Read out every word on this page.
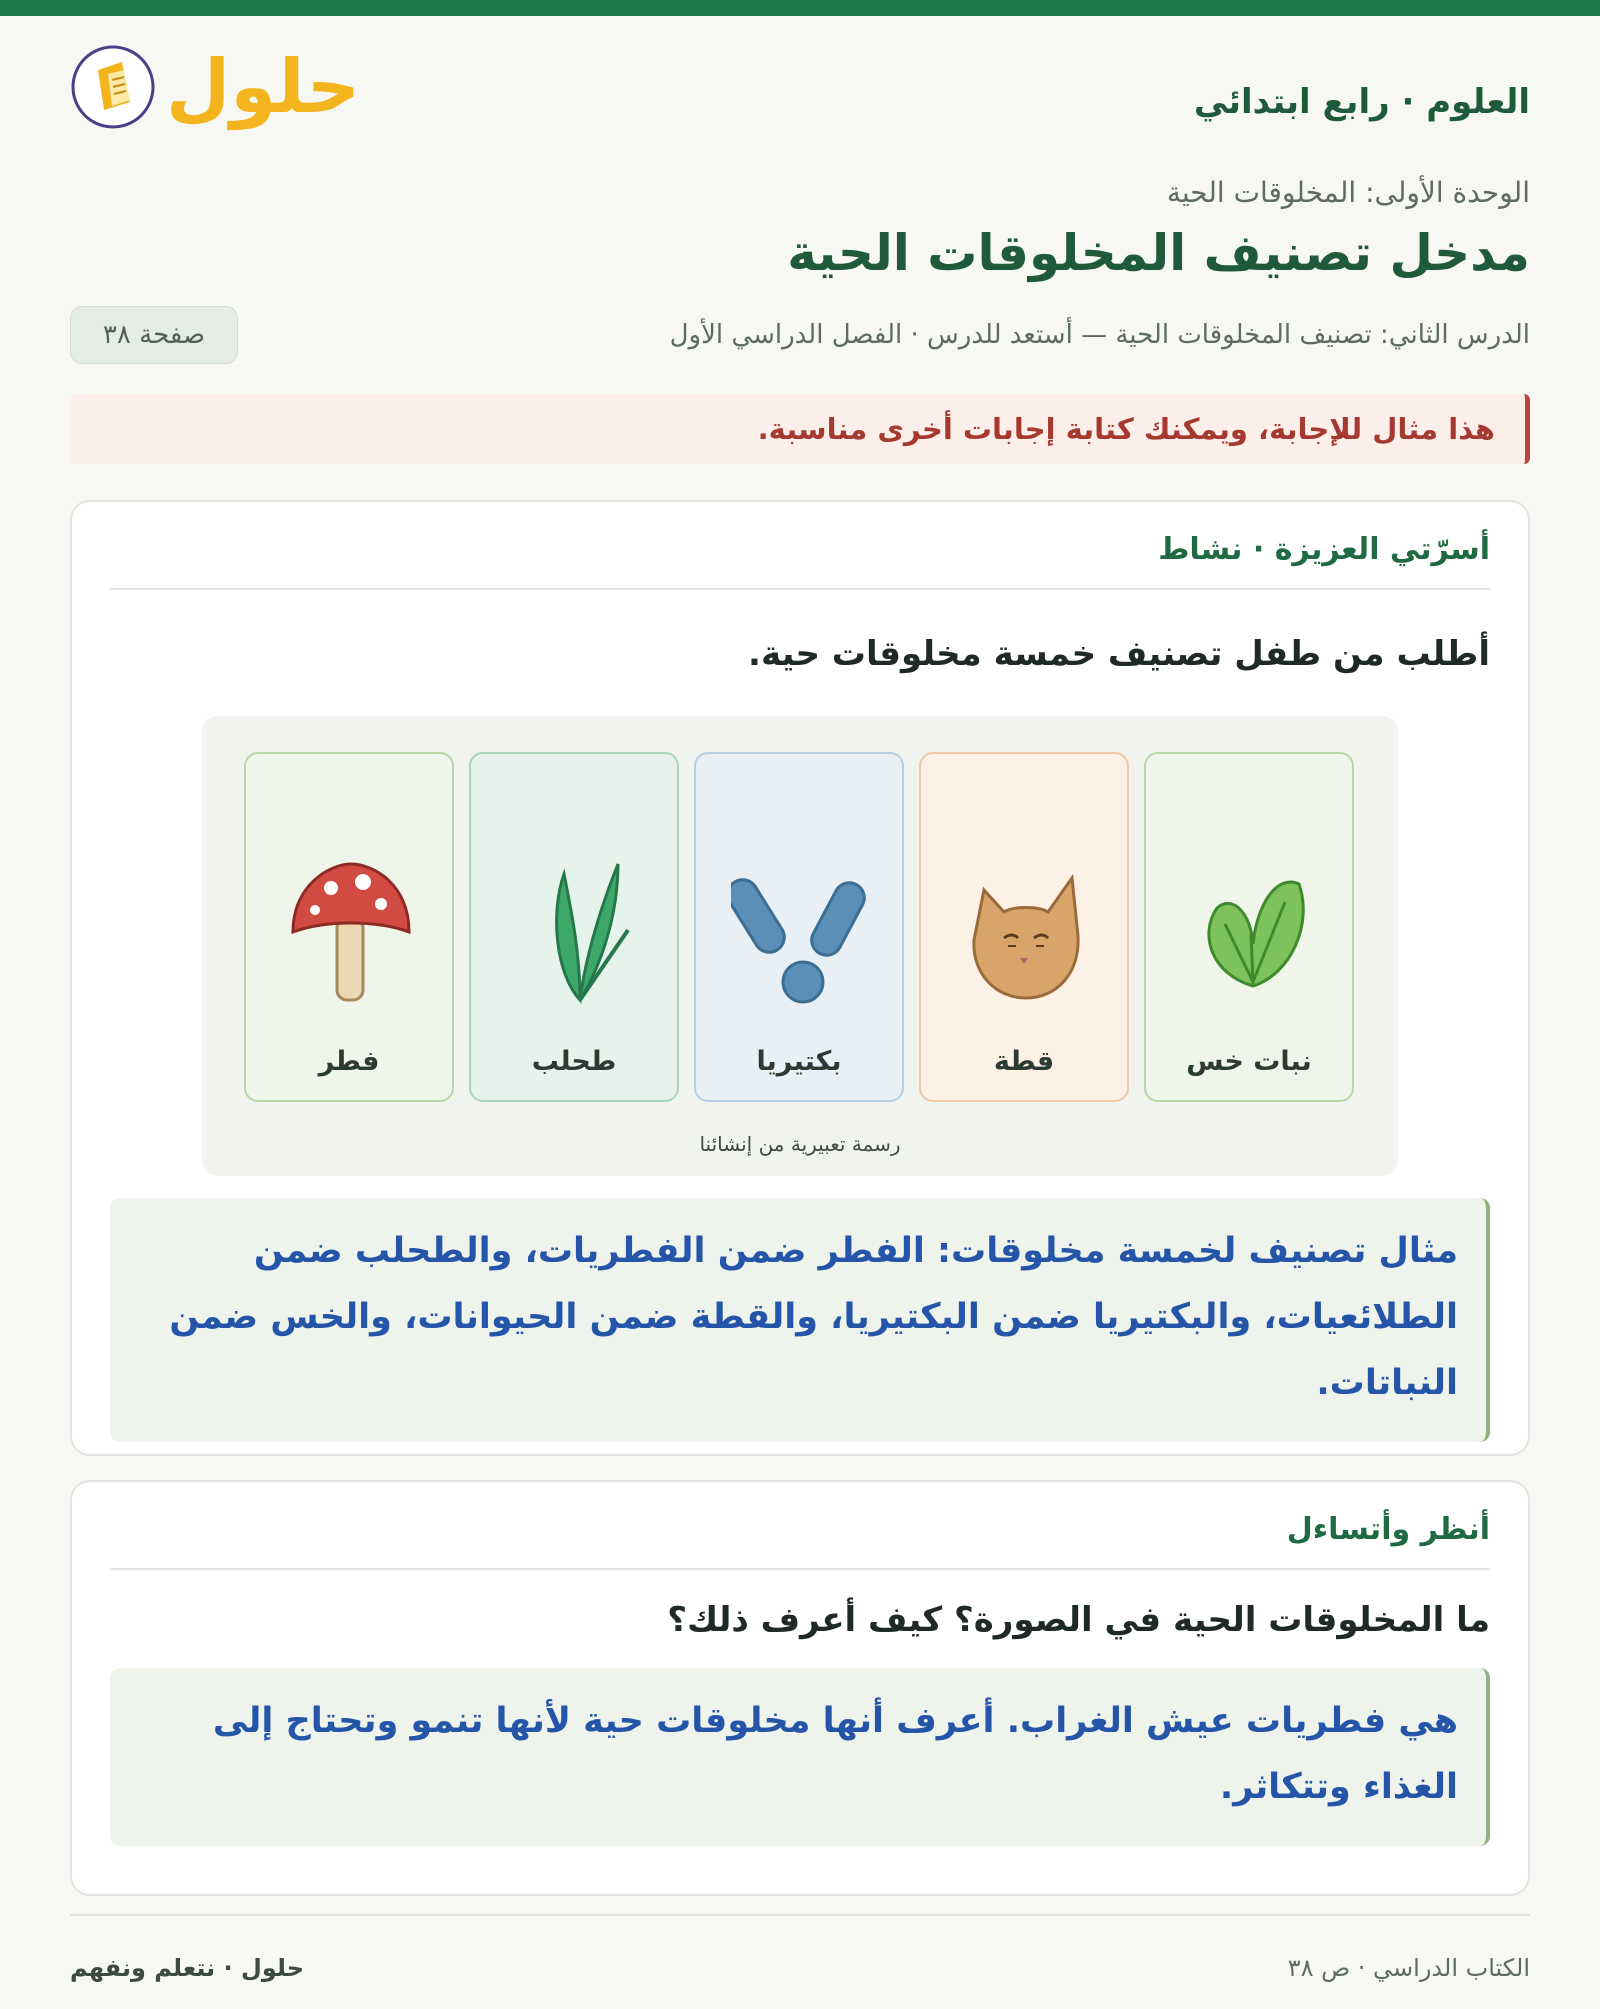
حلول	العلوم · رابع ابتدائي
الوحدة الأولى: المخلوقات الحية
مدخل تصنيف المخلوقات الحية
الدرس الثاني: تصنيف المخلوقات الحية — أستعد للدرس · الفصل الدراسي الأول
صفحة ٣٨
هذا مثال للإجابة، ويمكنك كتابة إجابات أخرى مناسبة.
أسرّتي العزيزة · نشاط
أطلب من طفل تصنيف خمسة مخلوقات حية.
نبات خس
قطة
بكتيريا
طحلب
فطر
رسمة تعبيرية من إنشائنا
مثال تصنيف لخمسة مخلوقات: الفطر ضمن الفطريات، والطحلب ضمن الطلائعيات، والبكتيريا ضمن البكتيريا، والقطة ضمن الحيوانات، والخس ضمن النباتات.
أنظر وأتساءل
ما المخلوقات الحية في الصورة؟ كيف أعرف ذلك؟
هي فطريات عيش الغراب. أعرف أنها مخلوقات حية لأنها تنمو وتحتاج إلى الغذاء وتتكاثر.
الكتاب الدراسي · ص ٣٨
حلول · نتعلم ونفهم
